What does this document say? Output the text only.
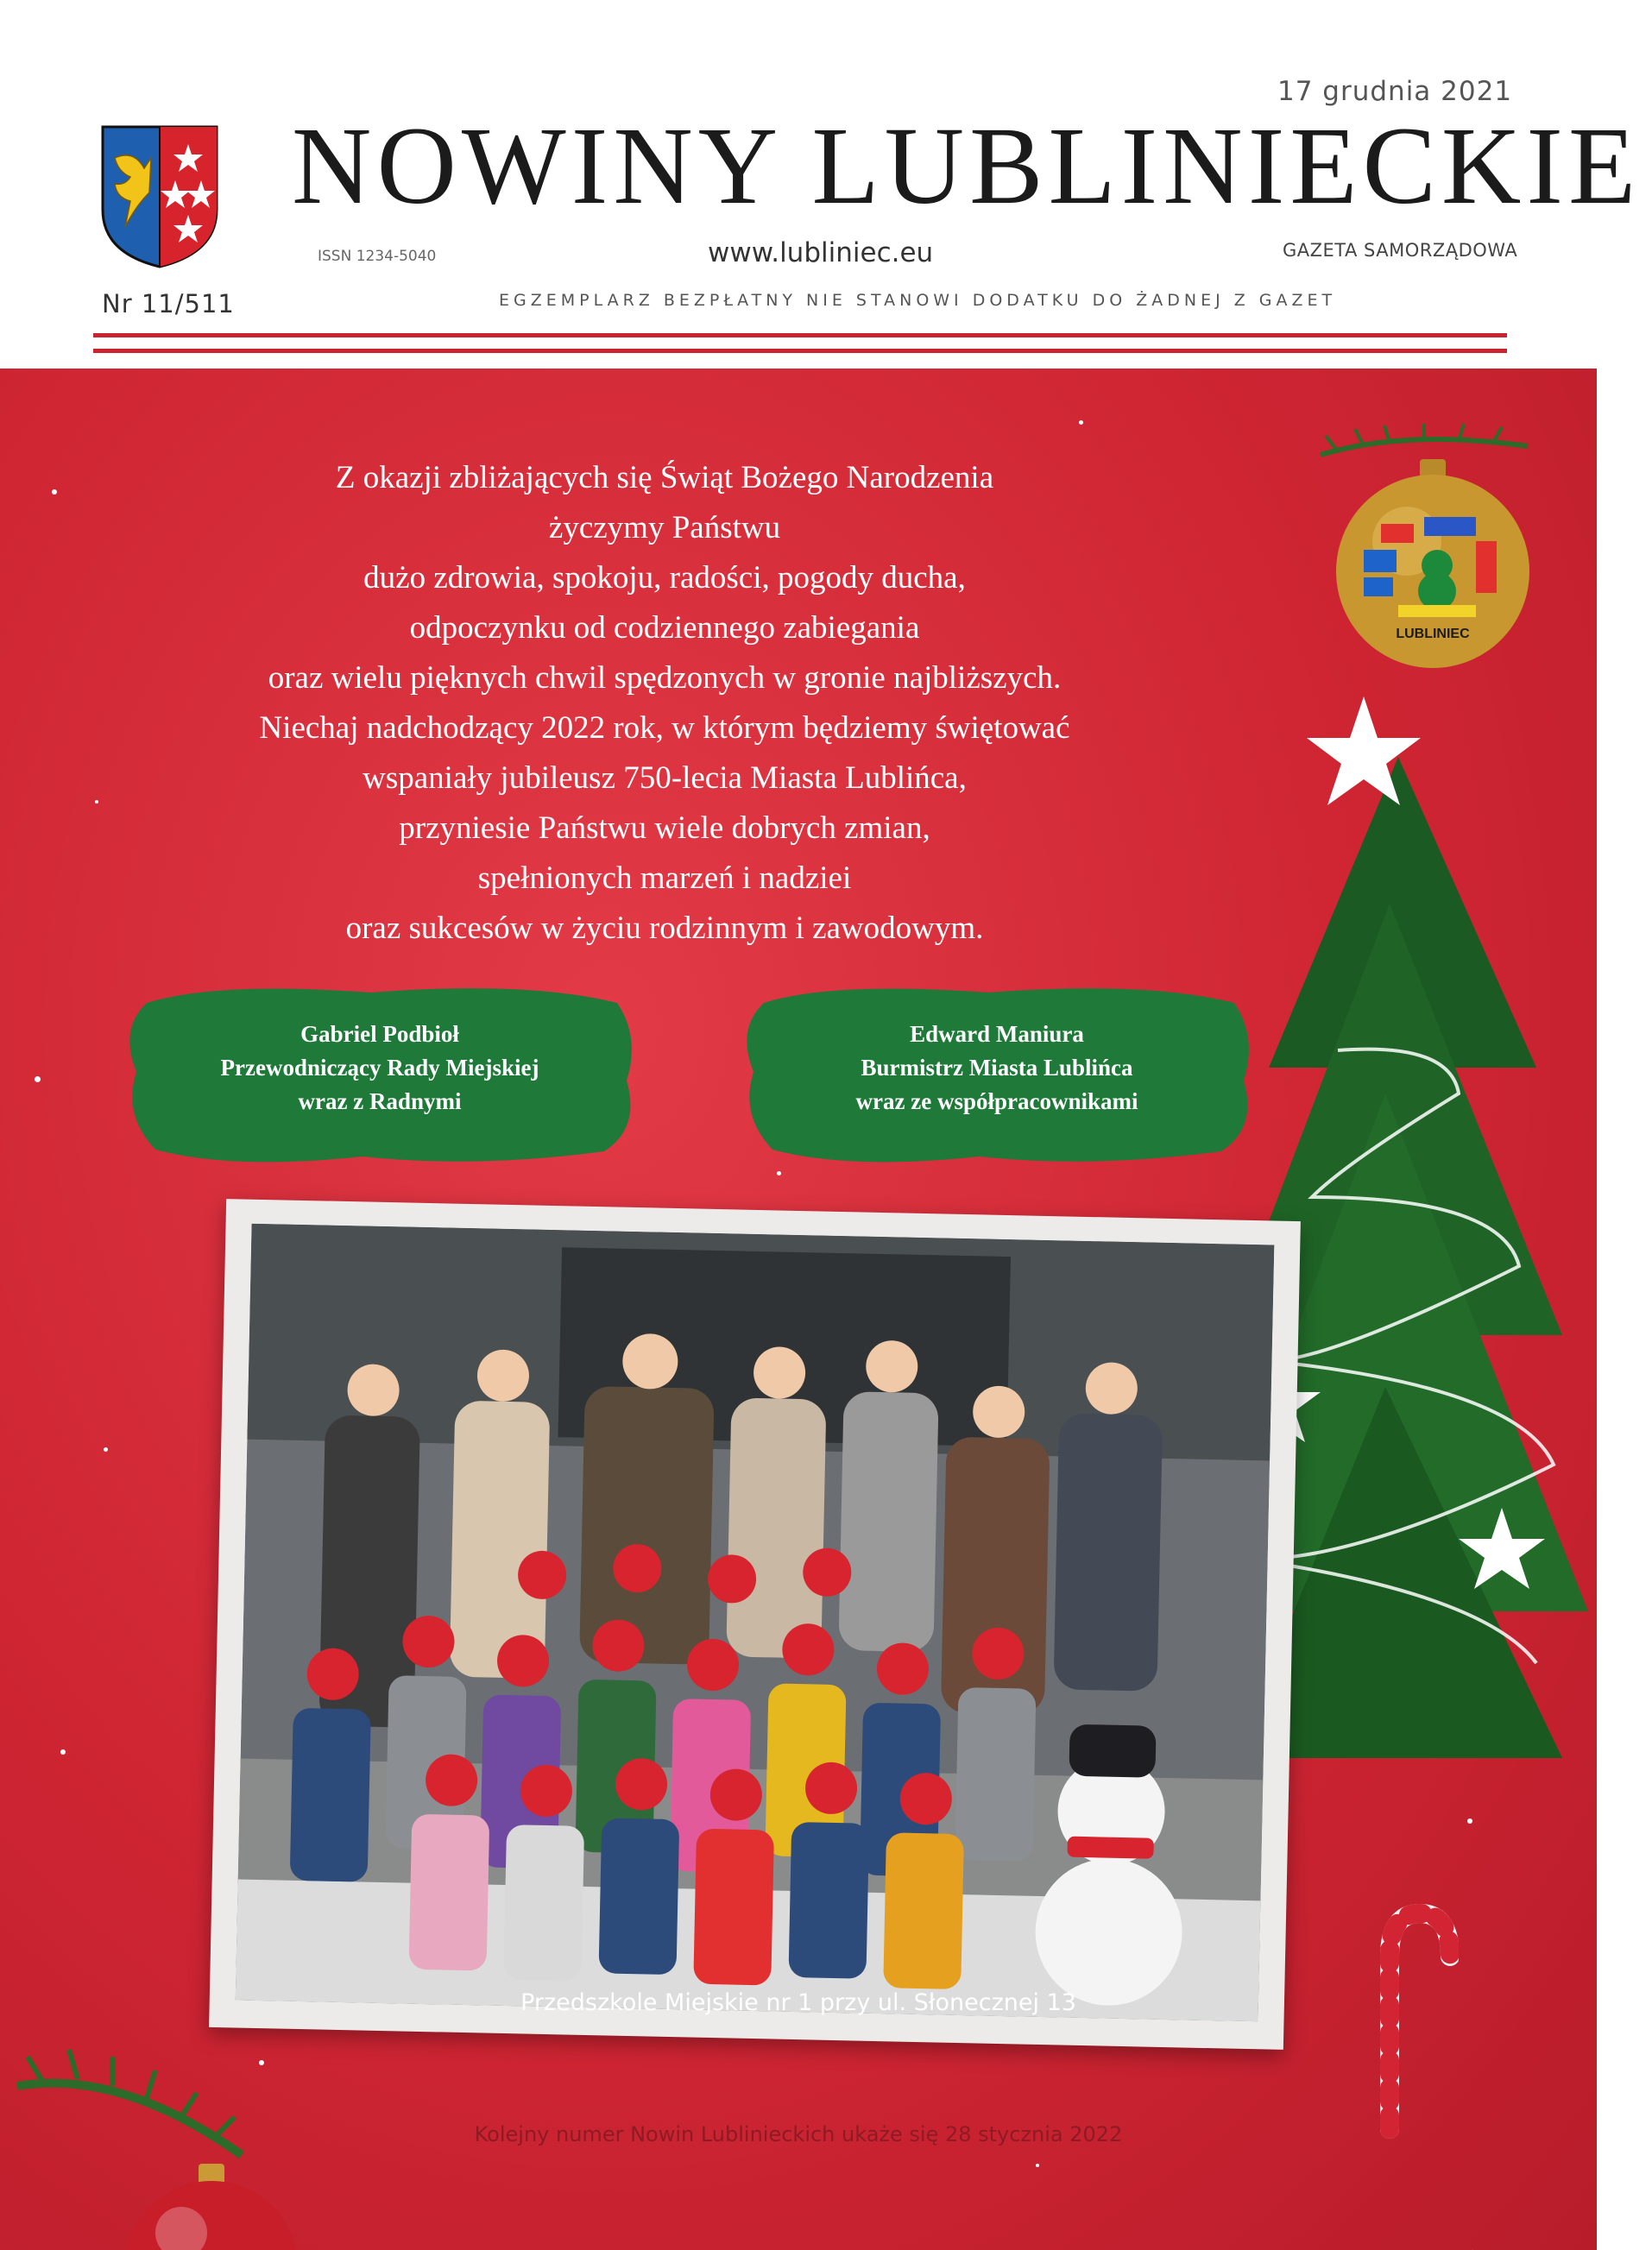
17 grudnia 2021
NOWINY LUBLINIECKIE
ISSN 1234-5040	www.lubliniec.eu	GAZETA SAMORZĄDOWA
Nr 11/511	EGZEMPLARZ BEZPŁATNY NIE STANOWI DODATKU DO ŻADNEJ Z GAZET
Z okazji zbliżających się Świąt Bożego Narodzenia
życzymy Państwu
dużo zdrowia, spokoju, radości, pogody ducha,
odpoczynku od codziennego zabiegania
oraz wielu pięknych chwil spędzonych w gronie najbliższych.
Niechaj nadchodzący 2022 rok, w którym będziemy świętować
wspaniały jubileusz 750-lecia Miasta Lublińca,
przyniesie Państwu wiele dobrych zmian,
spełnionych marzeń i nadziei
oraz sukcesów w życiu rodzinnym i zawodowym.
Gabriel Podbioł
Przewodniczący Rady Miejskiej
wraz z Radnymi
Edward Maniura
Burmistrz Miasta Lublińca
wraz ze współpracownikami
LUBLINIEC
Przedszkole Miejskie nr 1 przy ul. Słonecznej 13
Kolejny numer Nowin Lublinieckich ukaże się 28 stycznia 2022
